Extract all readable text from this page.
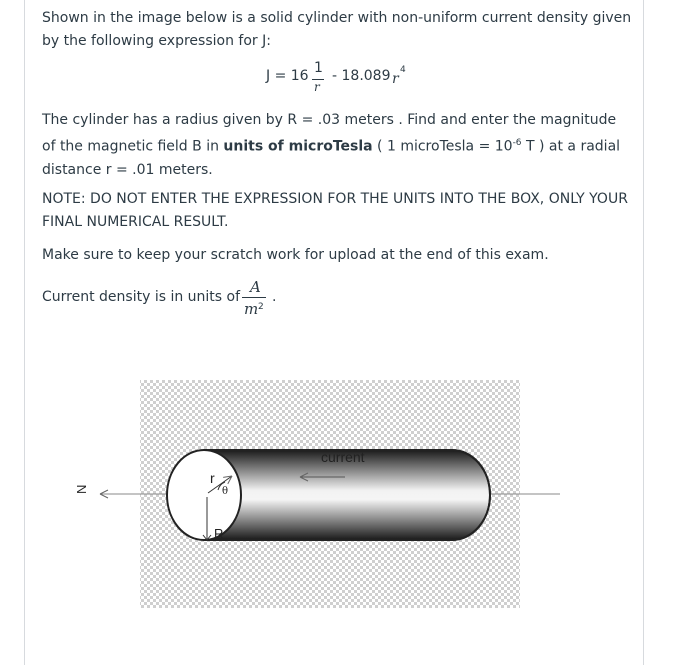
Shown in the image below is a solid cylinder with non-uniform current density given by the following expression for J:

J = 16 1
r
- 18.089 r
4

The cylinder has a radius given by R = .03 meters . Find and enter the magnitude of the magnetic field B in units of microTesla ( 1 microTesla = $10^{-6}$ T ) at a radial distance r = .01 meters.

NOTE: DO NOT ENTER THE EXPRESSION FOR THE UNITS INTO THE BOX, ONLY YOUR FINAL NUMERICAL RESULT.

Make sure to keep your scratch work for upload at the end of this exam.

Current density is in units of
A
m 2
.
current
r
θ
R
N
